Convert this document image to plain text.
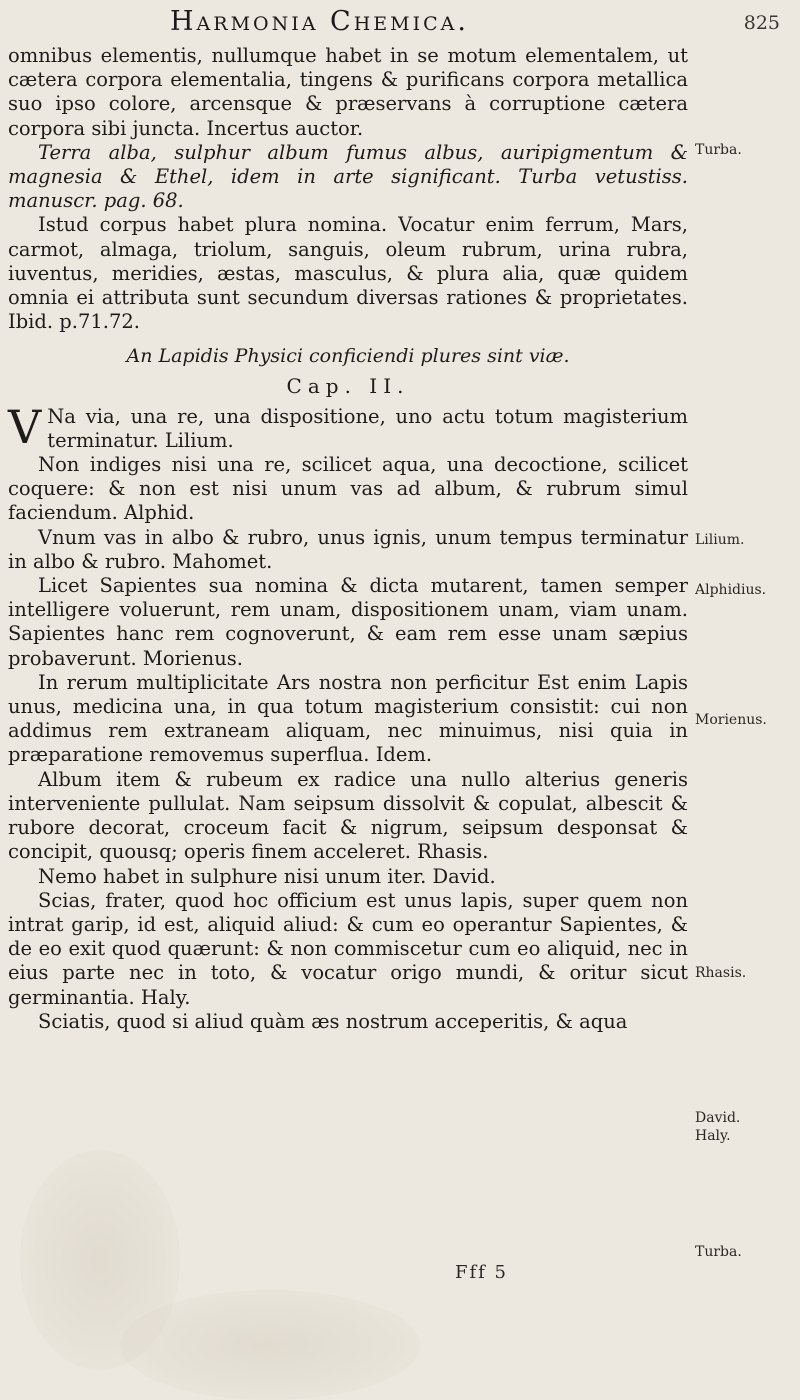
Harmonia Chemica.	825

omnibus elementis, nullumque habet in se motum elementalem, ut cætera corpora elementalia, tingens & purificans corpora metallica suo ipso colore, arcensque & præservans à corruptione cætera corpora sibi juncta. Incertus auctor.

Terra alba, sulphur album fumus albus, auripigmentum & magnesia & Ethel, idem in arte significant. Turba vetustiss. manuscr. pag. 68.

Istud corpus habet plura nomina. Vocatur enim ferrum, Mars, carmot, almaga, triolum, sanguis, oleum rubrum, urina rubra, iuventus, meridies, æstas, masculus, & plura alia, quæ quidem omnia ei attributa sunt secundum diversas rationes & proprietates. Ibid. p.71.72.

An Lapidis Physici conficiendi plures sint viæ.
Cap. II.

V Na via, una re, una dispositione, uno actu totum magisterium terminatur. Lilium.

Non indiges nisi una re, scilicet aqua, una decoctione, scilicet coquere: & non est nisi unum vas ad album, & rubrum simul faciendum. Alphid.

Vnum vas in albo & rubro, unus ignis, unum tempus terminatur in albo & rubro. Mahomet.

Licet Sapientes sua nomina & dicta mutarent, tamen semper intelligere voluerunt, rem unam, dispositionem unam, viam unam. Sapientes hanc rem cognoverunt, & eam rem esse unam sæpius probaverunt. Morienus.

In rerum multiplicitate Ars nostra non perficitur Est enim Lapis unus, medicina una, in qua totum magisterium consistit: cui non addimus rem extraneam aliquam, nec minuimus, nisi quia in præparatione removemus superflua. Idem.

Album item & rubeum ex radice una nullo alterius generis interveniente pullulat. Nam seipsum dissolvit & copulat, albescit & rubore decorat, croceum facit & nigrum, seipsum desponsat & concipit, quousq; operis finem acceleret. Rhasis.

Nemo habet in sulphure nisi unum iter. David.

Scias, frater, quod hoc officium est unus lapis, super quem non intrat garip, id est, aliquid aliud: & cum eo operantur Sapientes, & de eo exit quod quærunt: & non commiscetur cum eo aliquid, nec in eius parte nec in toto, & vocatur origo mundi, & oritur sicut germinantia. Haly.

Sciatis, quod si aliud quàm æs nostrum acceperitis, & aqua

Turba.
Lilium.
Alphidius.
Morienus.
Rhasis.
David.
Haly.
Turba.
Fff 5
